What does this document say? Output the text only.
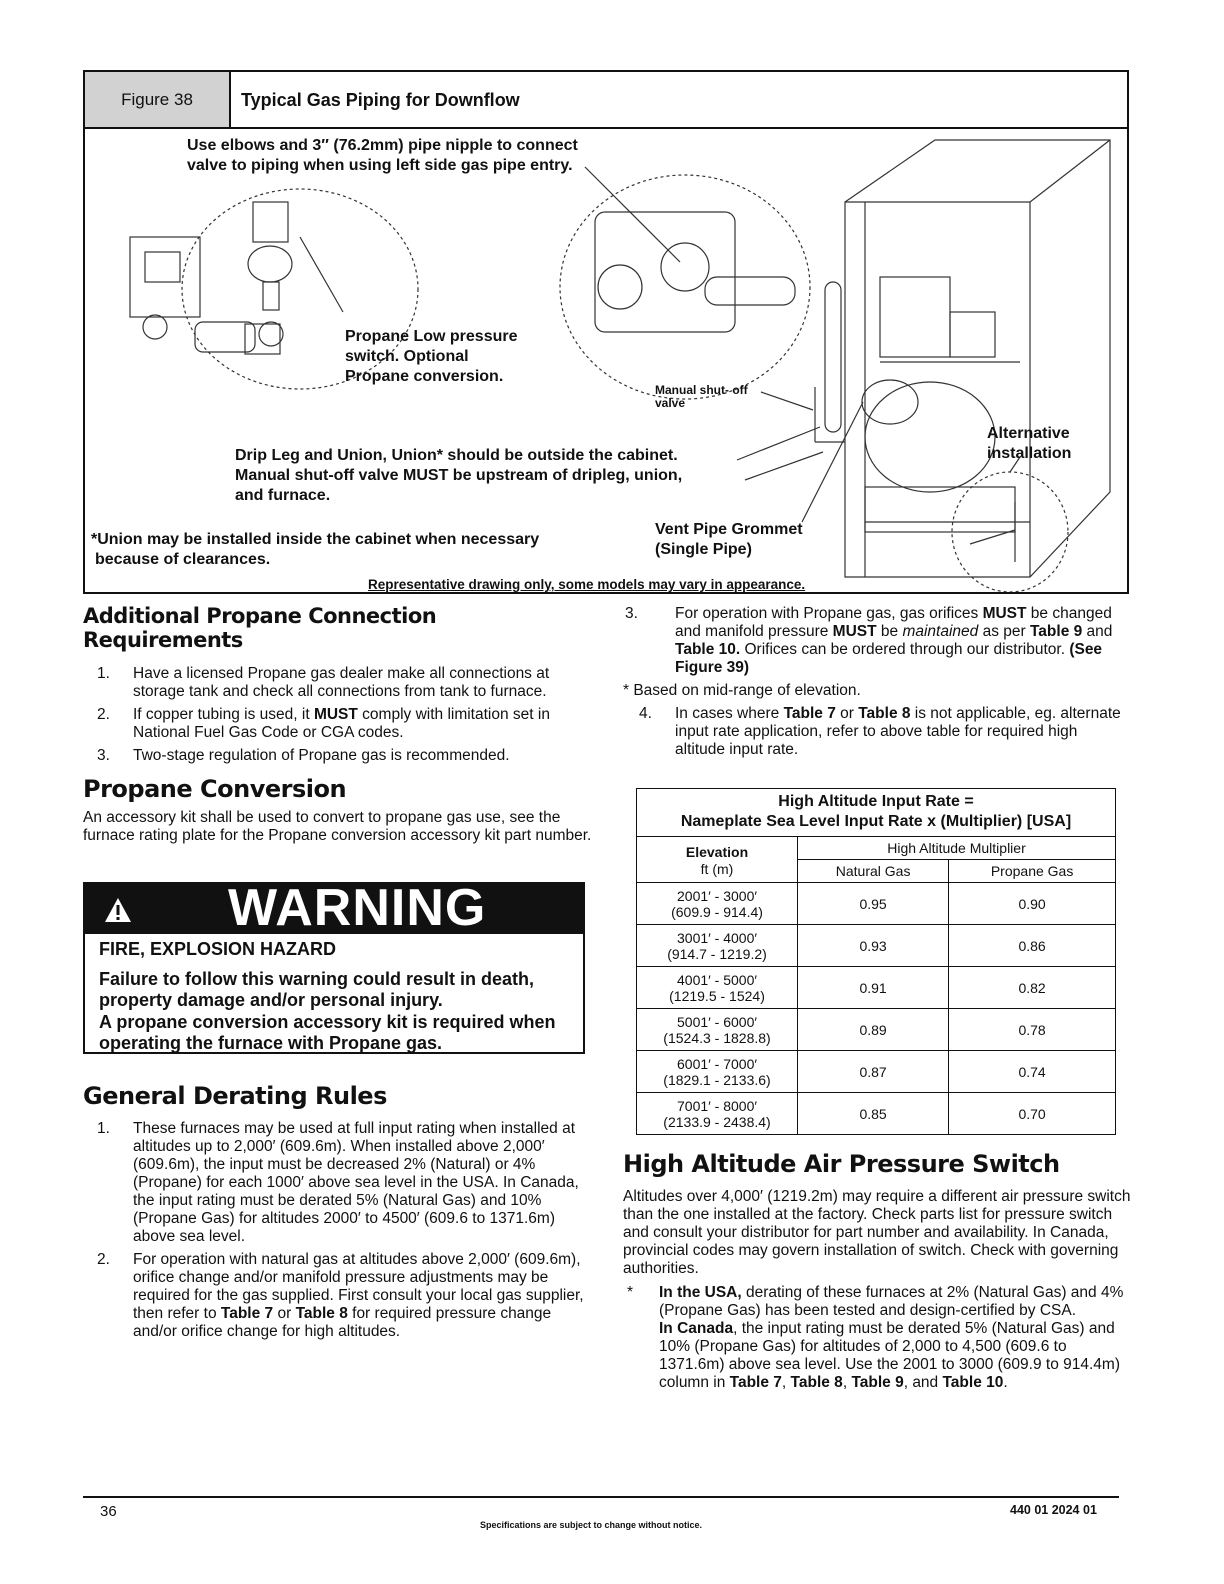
Figure 38	Typical Gas Piping for Downflow
Use elbows and 3″ (76.2mm) pipe nipple to connect
valve to piping when using left side gas pipe entry.
Propane Low pressure
switch. Optional
Propane conversion.
Manual shut- off
valve
Drip Leg and Union, Union* should be outside the cabinet.
Manual shut-off valve MUST be upstream of dripleg, union,
and furnace.
Alternative
installation
*Union may be installed inside the cabinet when necessary
because of clearances.
Vent Pipe Grommet
(Single Pipe)
Representative drawing only, some models may vary in appearance.
Additional Propane Connection Requirements
1. Have a licensed Propane gas dealer make all connections at storage tank and check all connections from tank to furnace.
2. If copper tubing is used, it MUST comply with limitation set in National Fuel Gas Code or CGA codes.
3. Two-stage regulation of Propane gas is recommended.
Propane Conversion
An accessory kit shall be used to convert to propane gas use, see the furnace rating plate for the Propane conversion accessory kit part number.
WARNING
FIRE, EXPLOSION HAZARD
Failure to follow this warning could result in death, property damage and/or personal injury.
A propane conversion accessory kit is required when operating the furnace with Propane gas.
General Derating Rules
1. These furnaces may be used at full input rating when installed at altitudes up to 2,000′ (609.6m). When installed above 2,000′ (609.6m), the input must be decreased 2% (Natural) or 4% (Propane) for each 1000′ above sea level in the USA. In Canada, the input rating must be derated 5% (Natural Gas) and 10% (Propane Gas) for altitudes 2000′ to 4500′ (609.6 to 1371.6m) above sea level.
2. For operation with natural gas at altitudes above 2,000′ (609.6m), orifice change and/or manifold pressure adjustments may be required for the gas supplied. First consult your local gas supplier, then refer to Table 7 or Table 8 for required pressure change and/or orifice change for high altitudes.
3. For operation with Propane gas, gas orifices MUST be changed and manifold pressure MUST be maintained as per Table 9 and Table 10. Orifices can be ordered through our distributor. (See Figure 39)
* Based on mid-range of elevation.
4. In cases where Table 7 or Table 8 is not applicable, eg. alternate input rate application, refer to above table for required high altitude input rate.
High Altitude Input Rate =
Nameplate Sea Level Input Rate x (Multiplier) [USA]		

Elevation
ft (m)	High Altitude Multiplier	
	Natural Gas	Propane Gas

2001′ - 3000′
(609.9 - 914.4)	0.95	0.90

3001′ - 4000′
(914.7 - 1219.2)	0.93	0.86

4001′ - 5000′
(1219.5 - 1524)	0.91	0.82

5001′ - 6000′
(1524.3 - 1828.8)	0.89	0.78

6001′ - 7000′
(1829.1 - 2133.6)	0.87	0.74

7001′ - 8000′
(2133.9 - 2438.4)	0.85	0.70
High Altitude Air Pressure Switch
Altitudes over 4,000′ (1219.2m) may require a different air pressure switch than the one installed at the factory. Check parts list for pressure switch and consult your distributor for part number and availability. In Canada, provincial codes may govern installation of switch. Check with governing authorities.
* In the USA, derating of these furnaces at 2% (Natural Gas) and 4% (Propane Gas) has been tested and design-certified by CSA.
In Canada, the input rating must be derated 5% (Natural Gas) and 10% (Propane Gas) for altitudes of 2,000 to 4,500 (609.6 to 1371.6m) above sea level. Use the 2001 to 3000 (609.9 to 914.4m) column in Table 7, Table 8, Table 9, and Table 10.
36
Specifications are subject to change without notice.
440 01 2024 01
